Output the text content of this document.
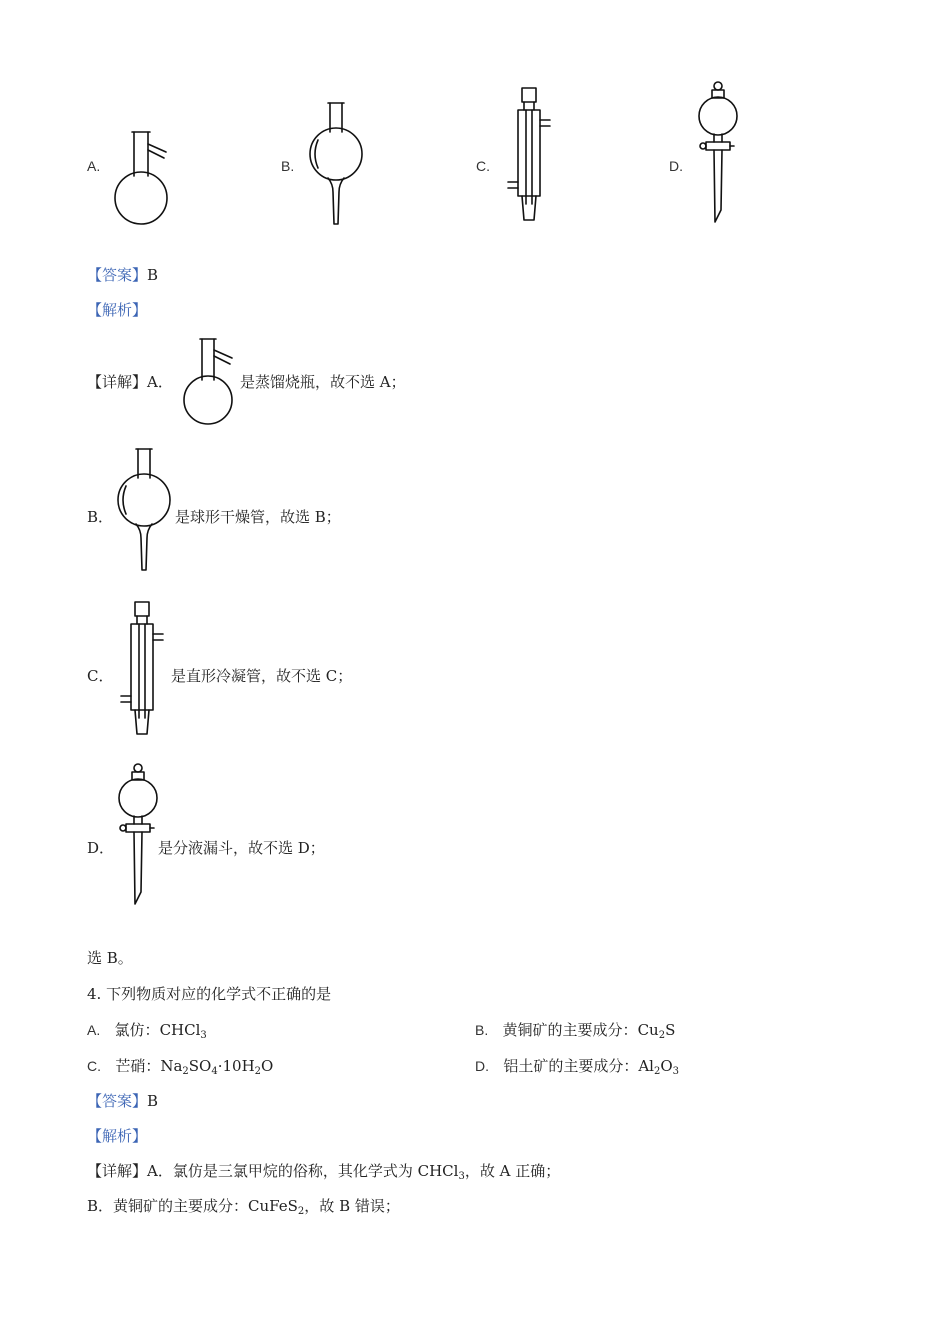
A.	B.	C.	D.
【答案】B
【解析】
【详解】A．	是蒸馏烧瓶，故不选 A；
B．	是球形干燥管，故选 B；
C．	是直形冷凝管，故不选 C；
D．	是分液漏斗，故不选 D；
选 B。
4. 下列物质对应的化学式不正确的是
A. 氯仿：CHCl$_3$	B. 黄铜矿的主要成分：$Cu_2S$
C. 芒硝：$Na_2SO_4\cdot 10H_2O$	D. 铝土矿的主要成分：$Al_2O_3$
【答案】B
【解析】
【详解】A．氯仿是三氯甲烷的俗称，其化学式为 CHCl$_3$，故 A 正确；
B．黄铜矿的主要成分：CuFeS$_2$，故 B 错误；
